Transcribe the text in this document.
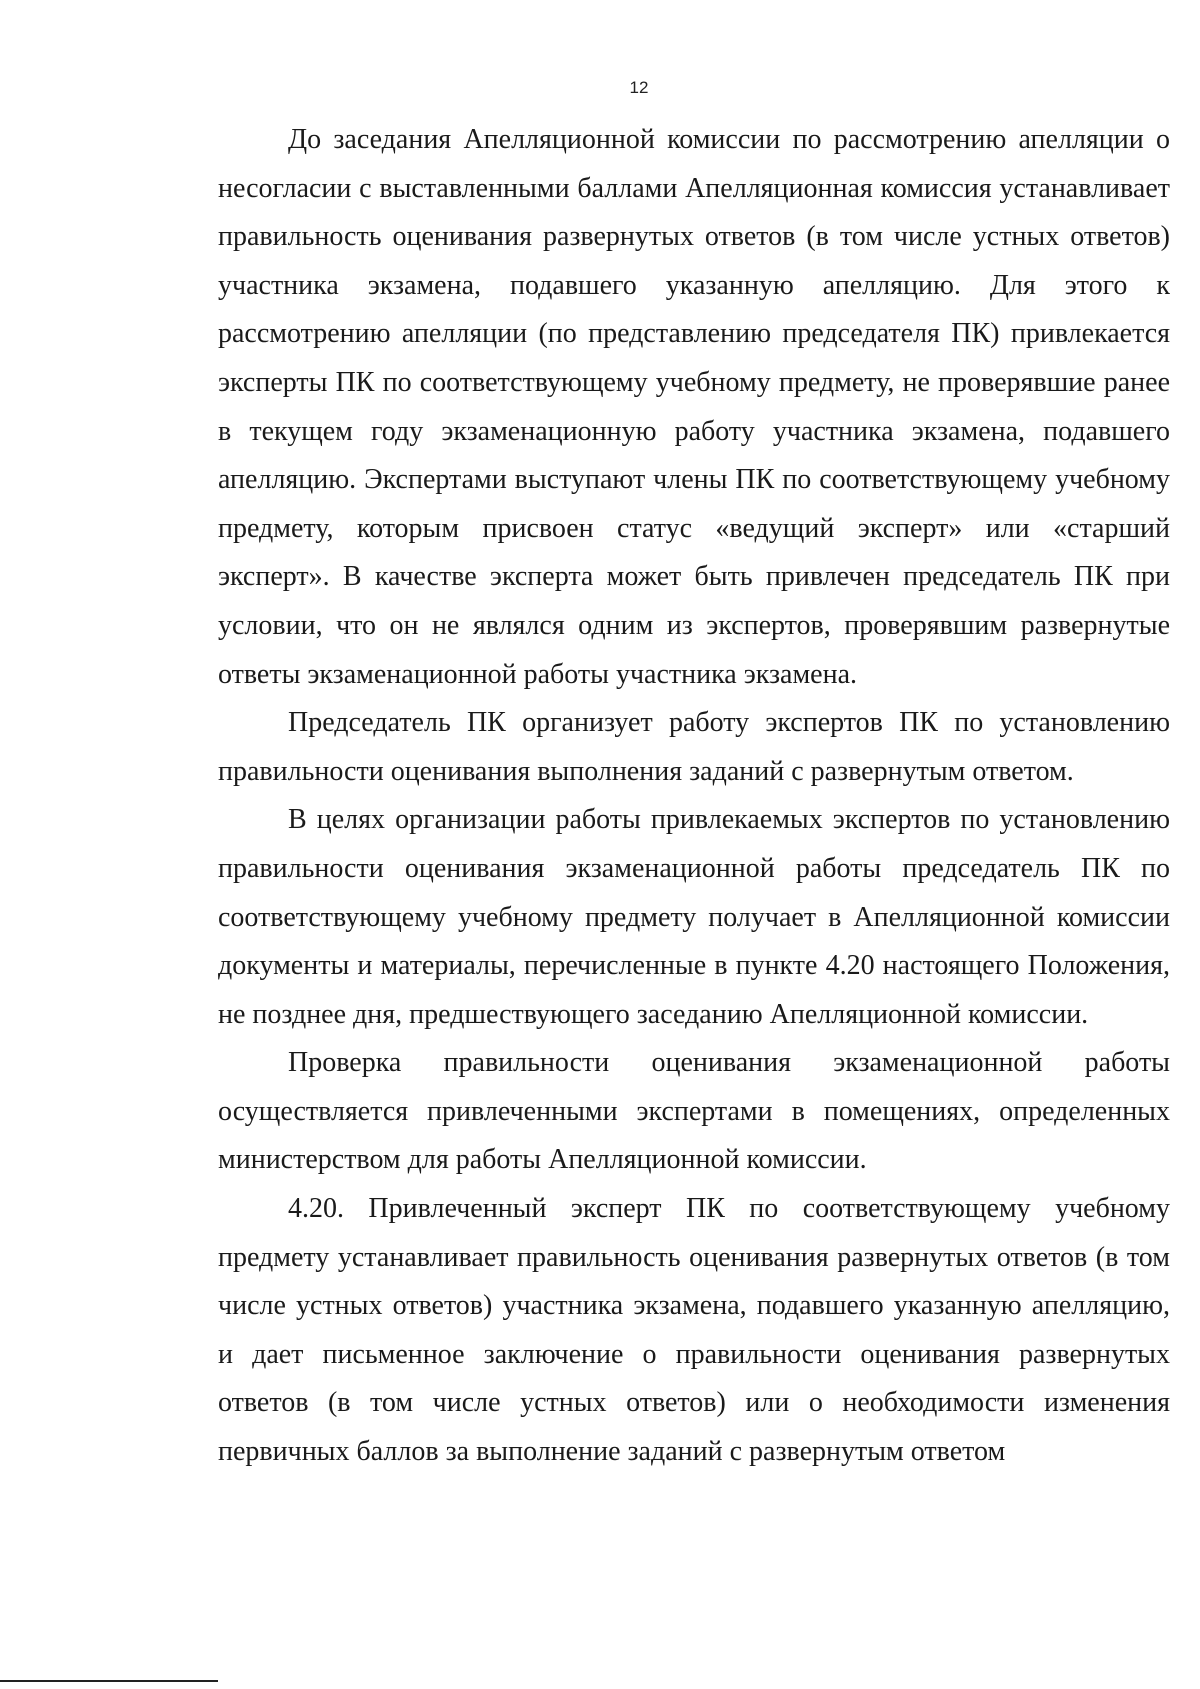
12

До заседания Апелляционной комиссии по рассмотрению апелляции о несогласии с выставленными баллами Апелляционная комиссия устанавливает правильность оценивания развернутых ответов (в том числе устных ответов) участника экзамена, подавшего указанную апелляцию. Для этого к рассмотрению апелляции (по представлению председателя ПК) привлекается эксперты ПК по соответствующему учебному предмету, не проверявшие ранее в текущем году экзаменационную работу участника экзамена, подавшего апелляцию. Экспертами выступают члены ПК по соответствующему учебному предмету, которым присвоен статус «ведущий эксперт» или «старший эксперт». В качестве эксперта может быть привлечен председатель ПК при условии, что он не являлся одним из экспертов, проверявшим развернутые ответы экзаменационной работы участника экзамена.

Председатель ПК организует работу экспертов ПК по установлению правильности оценивания выполнения заданий с развернутым ответом.

В целях организации работы привлекаемых экспертов по установлению правильности оценивания экзаменационной работы председатель ПК по соответствующему учебному предмету получает в Апелляционной комиссии документы и материалы, перечисленные в пункте 4.20 настоящего Положения, не позднее дня, предшествующего заседанию Апелляционной комиссии.

Проверка правильности оценивания экзаменационной работы осуществляется привлеченными экспертами в помещениях, определенных министерством для работы Апелляционной комиссии.

4.20. Привлеченный эксперт ПК по соответствующему учебному предмету устанавливает правильность оценивания развернутых ответов (в том числе устных ответов) участника экзамена, подавшего указанную апелляцию, и дает письменное заключение о правильности оценивания развернутых ответов (в том числе устных ответов) или о необходимости изменения первичных баллов за выполнение заданий с развернутым ответом
